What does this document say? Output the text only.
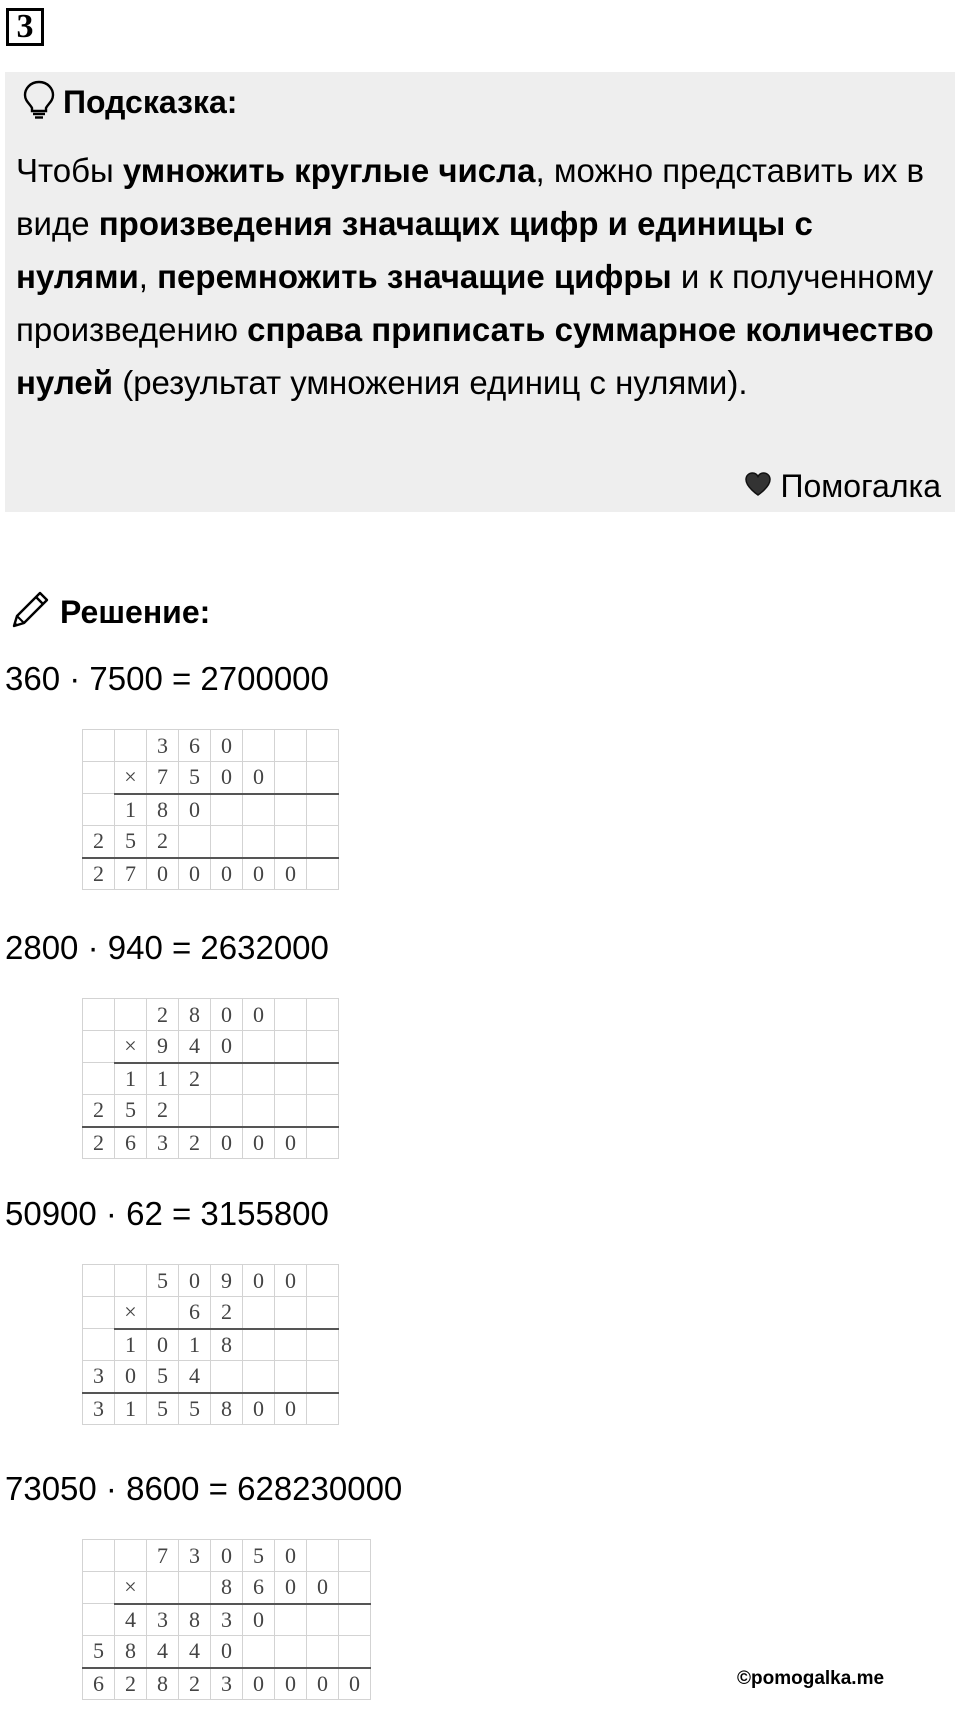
3
Подсказка:
Чтобы умножить круглые числа, можно представить их в виде произведения значащих цифр и единицы с нулями, перемножить значащие цифры и к полученному произведению справа приписать суммарное количество нулей (результат умножения единиц с нулями).
Помогалка
Решение:
360 · 7500 = 2700000
		3	6	0			
	×	7	5	0	0		
	1	8	0				
2	5	2					
2	7	0	0	0	0	0	
2800 · 940 = 2632000
		2	8	0	0		
	×	9	4	0			
	1	1	2				
2	5	2					
2	6	3	2	0	0	0	
50900 · 62 = 3155800
		5	0	9	0	0	
	×		6	2			
	1	0	1	8			
3	0	5	4				
3	1	5	5	8	0	0	
73050 · 8600 = 628230000
		7	3	0	5	0		
	×			8	6	0	0	
	4	3	8	3	0			
5	8	4	4	0				
6	2	8	2	3	0	0	0	0	©pomogalka.me
